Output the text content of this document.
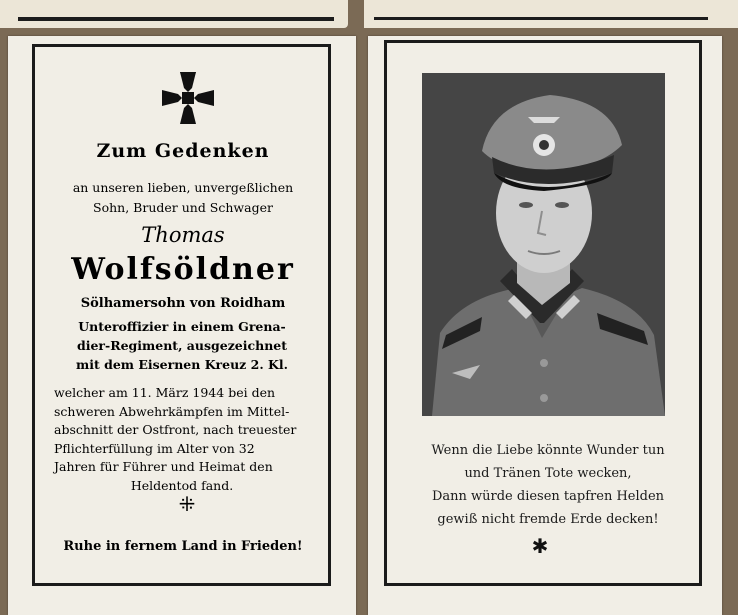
Zum Gedenken
an unseren lieben, unvergeßlichen
Sohn, Bruder und Schwager
Thomas
Wolfsöldner
Sölhamersohn von Roidham
Unteroffizier in einem Grena-
dier-Regiment, ausgezeichnet
mit dem Eisernen Kreuz 2. Kl.
welcher am 11. März 1944 bei den
schweren Abwehrkämpfen im Mittel-
abschnitt der Ostfront, nach treuester
Pflichterfüllung im Alter von 32
Jahren für Führer und Heimat den
Heldentod fand.
⁜
Ruhe in fernem Land in Frieden!
Wenn die Liebe könnte Wunder tun
und Tränen Tote wecken,
Dann würde diesen tapfren Helden
gewiß nicht fremde Erde decken!
✱
